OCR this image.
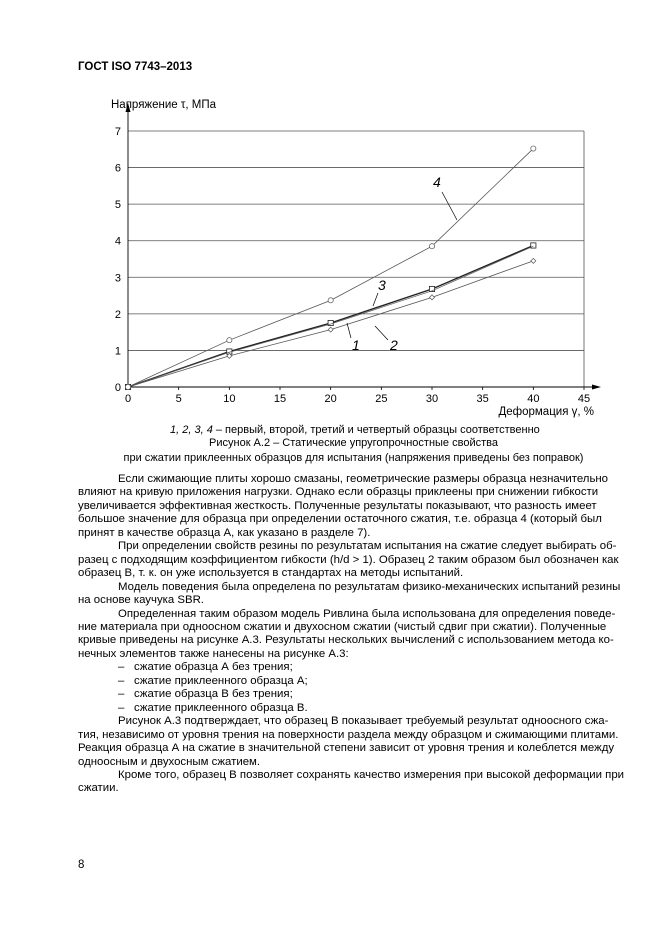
ГОСТ ISO 7743–2013
0
1
2
3
4
5
6
7
0	5	10	15	20	25	30	35	40	45
Напряжение τ, МПа
Деформация γ, %
1 2
3
4
1, 2, 3, 4 – первый, второй, третий и четвертый образцы соответственно
Рисунок А.2 – Статические упругопрочностные свойства
при сжатии приклеенных образцов для испытания (напряжения приведены без поправок)
Если сжимающие плиты хорошо смазаны, геометрические размеры образца незначительно
влияют на кривую приложения нагрузки. Однако если образцы приклеены при снижении гибкости
увеличивается эффективная жесткость. Полученные результаты показывают, что разность имеет
большое значение для образца при определении остаточного сжатия, т.е. образца 4 (который был
принят в качестве образца А, как указано в разделе 7).
При определении свойств резины по результатам испытания на сжатие следует выбирать об-
разец с подходящим коэффициентом гибкости (h/d > 1). Образец 2 таким образом был обозначен как
образец В, т. к. он уже используется в стандартах на методы испытаний.
Модель поведения была определена по результатам физико-механических испытаний резины
на основе каучука SBR.
Определенная таким образом модель Ривлина была использована для определения поведе-
ние материала при одноосном сжатии и двухосном сжатии (чистый сдвиг при сжатии). Полученные
кривые приведены на рисунке А.3. Результаты нескольких вычислений с использованием метода ко-
нечных элементов также нанесены на рисунке А.3:
– сжатие образца А без трения;
– сжатие приклеенного образца А;
– сжатие образца В без трения;
– сжатие приклеенного образца В.
Рисунок А.3 подтверждает, что образец В показывает требуемый результат одноосного сжа-
тия, независимо от уровня трения на поверхности раздела между образцом и сжимающими плитами.
Реакция образца А на сжатие в значительной степени зависит от уровня трения и колеблется между
одноосным и двухосным сжатием.
Кроме того, образец В позволяет сохранять качество измерения при высокой деформации при
сжатии.
8
